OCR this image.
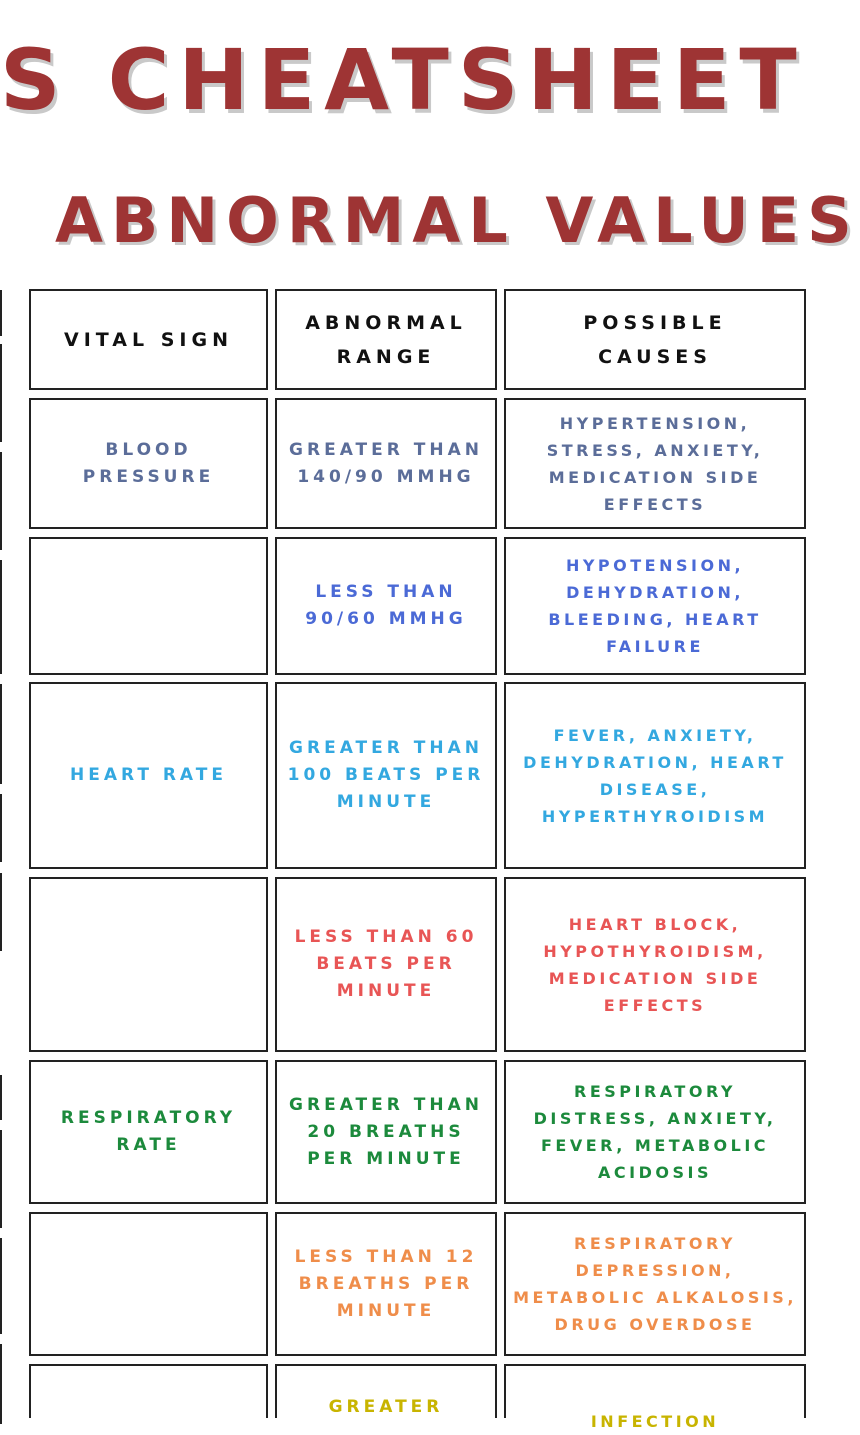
S CHEATSHEET
ABNORMAL VALUES
VITAL SIGN
ABNORMAL RANGE
POSSIBLE CAUSES
BLOOD PRESSURE
GREATER THAN 140/90 MMHG
HYPERTENSION, STRESS, ANXIETY, MEDICATION SIDE EFFECTS
LESS THAN 90/60 MMHG
HYPOTENSION, DEHYDRATION, BLEEDING, HEART FAILURE
HEART RATE
GREATER THAN 100 BEATS PER MINUTE
FEVER, ANXIETY, DEHYDRATION, HEART DISEASE, HYPERTHYROIDISM
LESS THAN 60 BEATS PER MINUTE
HEART BLOCK, HYPOTHYROIDISM, MEDICATION SIDE EFFECTS
RESPIRATORY RATE
GREATER THAN 20 BREATHS PER MINUTE
RESPIRATORY DISTRESS, ANXIETY, FEVER, METABOLIC ACIDOSIS
LESS THAN 12 BREATHS PER MINUTE
RESPIRATORY DEPRESSION, METABOLIC ALKALOSIS, DRUG OVERDOSE
GREATER
INFECTION
